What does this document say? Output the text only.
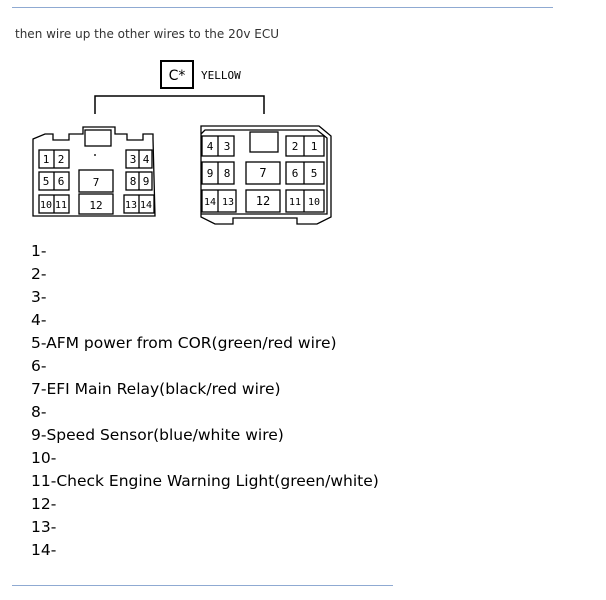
then wire up the other wires to the 20v ECU
C* YELLOW
1 2	3 4
5 6	7	8 9
10 11 12 13 14
4 3	2 1
9 8 7 6 5
14 13 12 11 10
1-
2-
3-
4-
5-AFM power from COR(green/red wire)
6-
7-EFI Main Relay(black/red wire)
8-
9-Speed Sensor(blue/white wire)
10-
11-Check Engine Warning Light(green/white)
12-
13-
14-
